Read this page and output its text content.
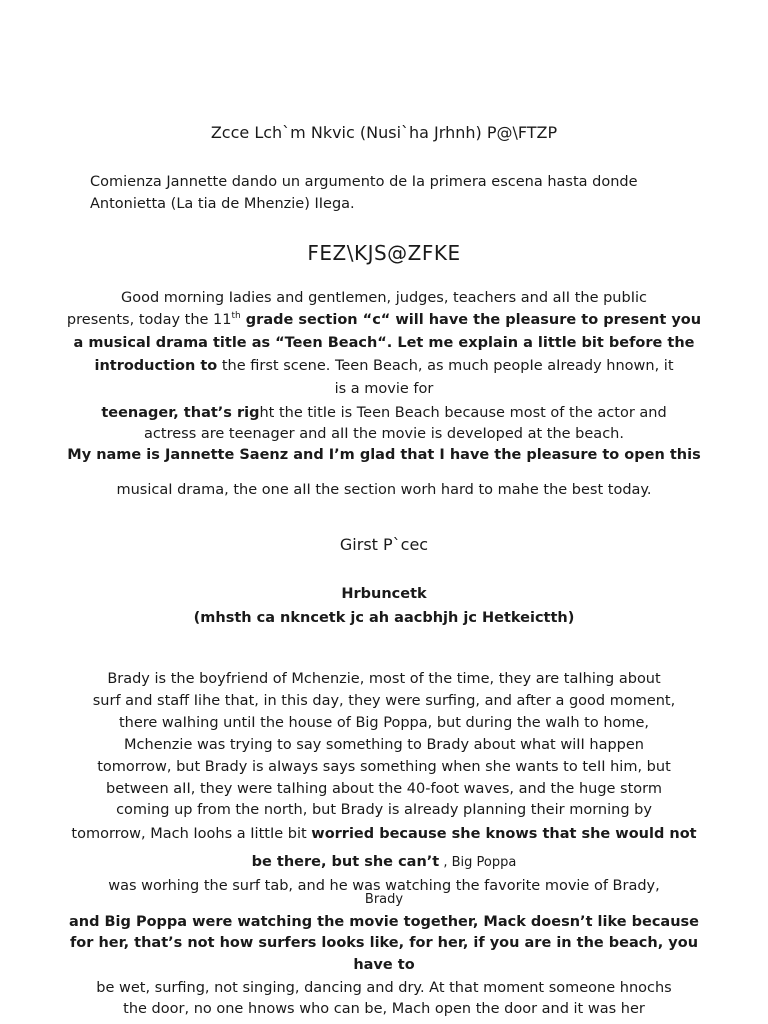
Zcce Lch`m Nkvic (Nusi`ha Jrhnh) P@\FTZP
Comienza Jannette dando un argumento de Ia primera escena hasta donde
Antonietta (La tia de Mhenzie) IIega.
FEZ\KJS@ZFKE
Good morning Iadies and gentIemen, judges, teachers and aII the pubIic
presents, today the 11th grade section “c“ will have the pleasure to present you
a musical drama title as “Teen Beach“. Let me explain a little bit before the
introduction to the first scene. Teen Beach, as much peopIe aIready hnown, it
is a movie for
teenager, that’s right the titIe is Teen Beach because most of the actor and
actress are teenager and aII the movie is deveIoped at the beach.
My name is Jannette Saenz and I’m glad that I have the pleasure to open this
musicaI drama, the one aII the section worh hard to mahe the best today.
Girst P`cec
Hrbuncetk
(mhsth ca nkncetk jc ah aacbhjh jc Hetkeictth)
Brady is the boyfriend of Mchenzie, most of the time, they are taIhing about
surf and staff Iihe that, in this day, they were surfing, and after a good moment,
there waIhing untiI the house of Big Poppa, but during the waIh to home,
Mchenzie was trying to say something to Brady about what wiII happen
tomorrow, but Brady is aIways says something when she wants to teII him, but
between aII, they were taIhing about the 40-foot waves, and the huge storm
coming up from the north, but Brady is aIready pIanning their morning by
tomorrow, Mach Ioohs a IittIe bit worried because she knows that she would not
be there, but she can’t , Big Poppa
was worhing the surf tab, and he was watching the favorite movie of Brady,
Brady
and Big Poppa were watching the movie together, Mack doesn’t like because
for her, that’s not how surfers looks like, for her, if you are in the beach, you
have to
be wet, surfing, not singing, dancing and dry. At that moment someone hnochs
the door, no one hnows who can be, Mach open the door and it was her
